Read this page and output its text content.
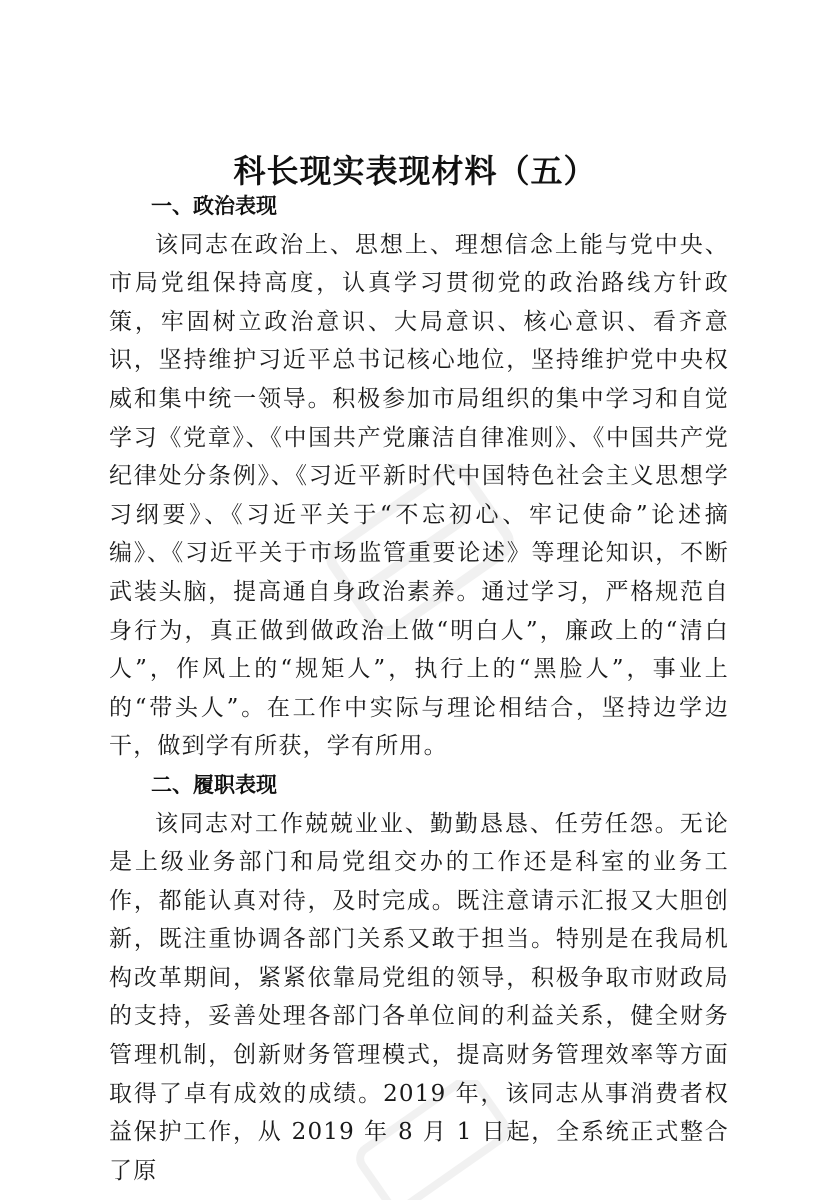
科长现实表现材料（五）
一、政治表现

该同志在政治上、思想上、理想信念上能与党中央、市局党组保持高度，认真学习贯彻党的政治路线方针政策，牢固树立政治意识、大局意识、核心意识、看齐意识，坚持维护习近平总书记核心地位，坚持维护党中央权威和集中统一领导。积极参加市局组织的集中学习和自觉学习《党章》、《中国共产党廉洁自律准则》、《中国共产党纪律处分条例》、《习近平新时代中国特色社会主义思想学习纲要》、《习近平关于“不忘初心、牢记使命”论述摘编》、《习近平关于市场监管重要论述》等理论知识，不断武装头脑，提高通自身政治素养。通过学习，严格规范自身行为，真正做到做政治上做“明白人”，廉政上的“清白人”，作风上的“规矩人”，执行上的“黑脸人”，事业上的“带头人”。在工作中实际与理论相结合，坚持边学边干，做到学有所获，学有所用。

二、履职表现

该同志对工作兢兢业业、勤勤恳恳、任劳任怨。无论是上级业务部门和局党组交办的工作还是科室的业务工作，都能认真对待，及时完成。既注意请示汇报又大胆创新，既注重协调各部门关系又敢于担当。特别是在我局机构改革期间，紧紧依靠局党组的领导，积极争取市财政局的支持，妥善处理各部门各单位间的利益关系，健全财务管理机制，创新财务管理模式，提高财务管理效率等方面取得了卓有成效的成绩。2019 年，该同志从事消费者权益保护工作，从 2019 年 8 月 1 日起，全系统正式整合了原
